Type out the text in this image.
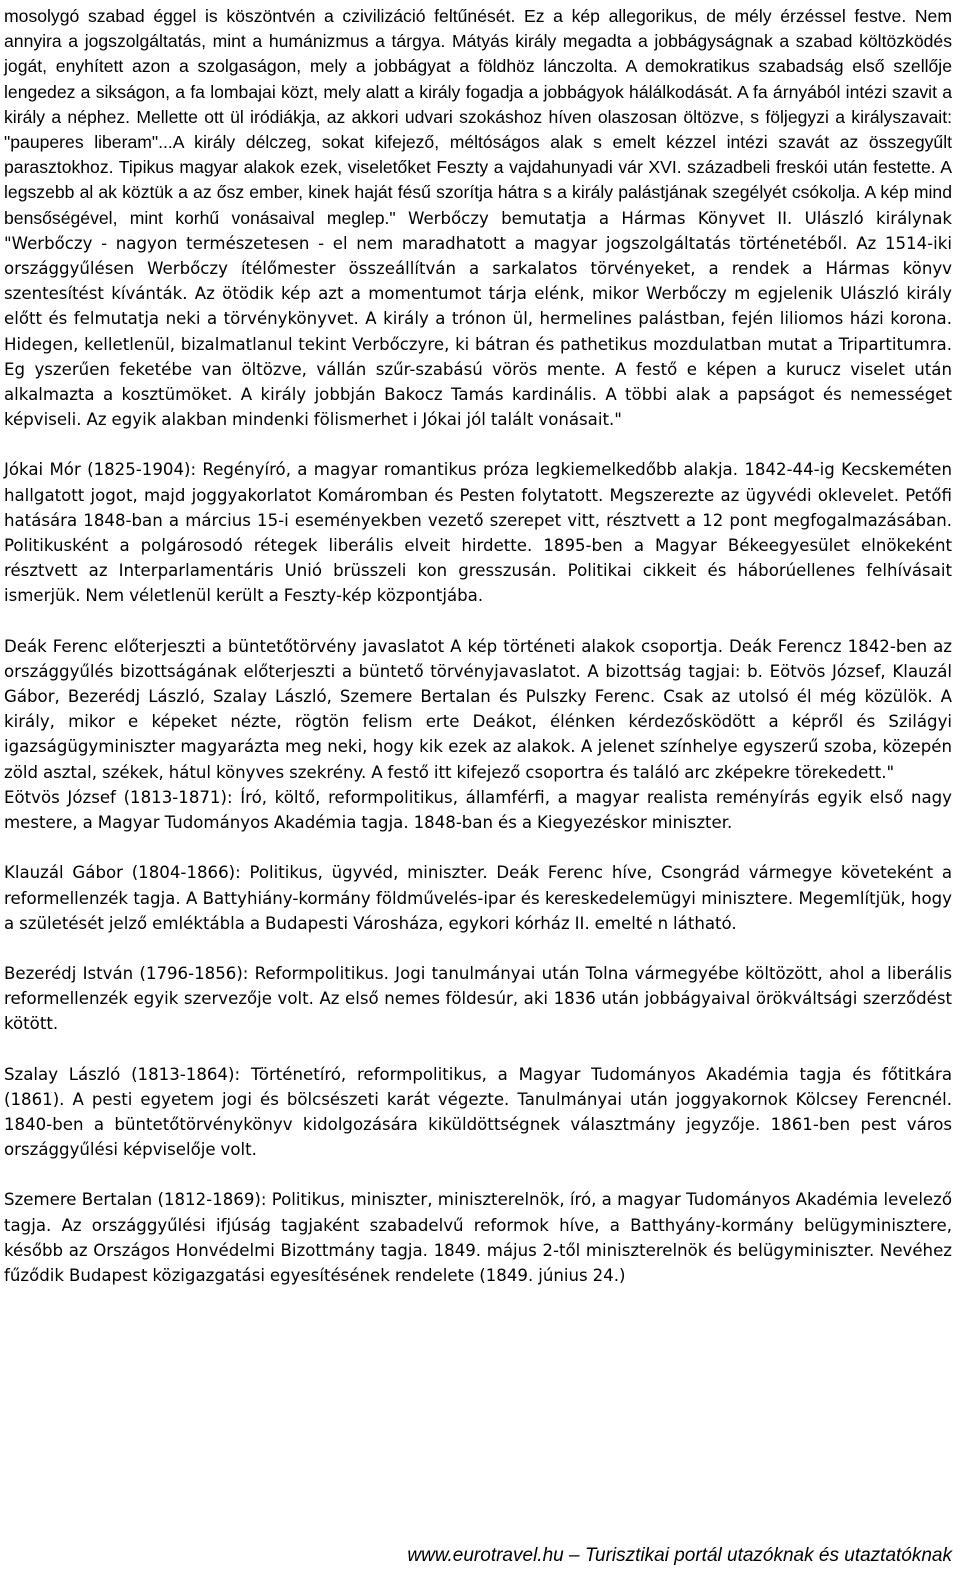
mosolygó szabad éggel is köszöntvén a czivilizáció feltűnését. Ez a kép allegorikus, de mély érzéssel festve. Nem annyira a jogszolgáltatás, mint a humánizmus a tárgya. Mátyás király megadta a jobbágyságnak a szabad költözködés jogát, enyhített azon a szolgaságon, mely a jobbágyat a földhöz lánczolta. A demokratikus szabadság első szellője lengedez a sikságon, a fa lombajai közt, mely alatt a király fogadja a jobbágyok hálálkodását. A fa árnyából intézi szavit a király a néphez. Mellette ott ül iródiákja, az akkori udvari szokáshoz híven olaszosan öltözve, s följegyzi a királyszavait: "pauperes liberam"...A király délczeg, sokat kifejező, méltóságos alak s emelt kézzel intézi szavát az összegyűlt parasztokhoz. Tipikus magyar alakok ezek, viseletőket Feszty a vajdahunyadi vár XVI. századbeli freskói után festette. A legszebb al ak köztük a az ősz ember, kinek haját fésű szorítja hátra s a király palástjának szegélyét csókolja. A kép mind bensőségével, mint korhű vonásaival meglep." Werbőczy bemutatja a Hármas Könyvet II. Ulászló királynak "Werbőczy - nagyon természetesen - el nem maradhatott a magyar jogszolgáltatás történetéből. Az 1514-iki országgyűlésen Werbőczy ítélőmester összeállítván a sarkalatos törvényeket, a rendek a Hármas könyv szentesítést kívánták. Az ötödik kép azt a momentumot tárja elénk, mikor Werbőczy m egjelenik Ulászló király előtt és felmutatja neki a törvénykönyvet. A király a trónon ül, hermelines palástban, fején liliomos házi korona. Hidegen, kelletlenül, bizalmatlanul tekint Verbőczyre, ki bátran és pathetikus mozdulatban mutat a Tripartitumra. Eg yszerűen feketébe van öltözve, vállán szűr-szabású vörös mente. A festő e képen a kurucz viselet után alkalmazta a kosztümöket. A király jobbján Bakocz Tamás kardinális. A többi alak a papságot és nemességet képviseli. Az egyik alakban mindenki fölismerhet i Jókai jól talált vonásait."

Jókai Mór (1825-1904): Regényíró, a magyar romantikus próza legkiemelkedőbb alakja. 1842-44-ig Kecskeméten hallgatott jogot, majd joggyakorlatot Komáromban és Pesten folytatott. Megszerezte az ügyvédi oklevelet. Petőfi hatására 1848-ban a március 15-i eseményekben vezető szerepet vitt, résztvett a 12 pont megfogalmazásában. Politikusként a polgárosodó rétegek liberális elveit hirdette. 1895-ben a Magyar Békeegyesület elnökeként résztvett az Interparlamentáris Unió brüsszeli kon gresszusán. Politikai cikkeit és háborúellenes felhívásait ismerjük. Nem véletlenül került a Feszty-kép központjába.

Deák Ferenc előterjeszti a büntetőtörvény javaslatot A kép történeti alakok csoportja. Deák Ferencz 1842-ben az országgyűlés bizottságának előterjeszti a büntető törvényjavaslatot. A bizottság tagjai: b. Eötvös József, Klauzál Gábor, Bezerédj László, Szalay László, Szemere Bertalan és Pulszky Ferenc. Csak az utolsó él még közülök. A király, mikor e képeket nézte, rögtön felism erte Deákot, élénken kérdezősködött a képről és Szilágyi igazságügyminiszter magyarázta meg neki, hogy kik ezek az alakok. A jelenet színhelye egyszerű szoba, közepén zöld asztal, székek, hátul könyves szekrény. A festő itt kifejező csoportra és találó arc zképekre törekedett."

Eötvös József (1813-1871): Író, költő, reformpolitikus, államférfi, a magyar realista reményírás egyik első nagy mestere, a Magyar Tudományos Akadémia tagja. 1848-ban és a Kiegyezéskor miniszter.

Klauzál Gábor (1804-1866): Politikus, ügyvéd, miniszter. Deák Ferenc híve, Csongrád vármegye követeként a reformellenzék tagja. A Battyhiány-kormány földművelés-ipar és kereskedelemügyi minisztere. Megemlítjük, hogy a születését jelző emléktábla a Budapesti Városháza, egykori kórház II. emelté n látható.

Bezerédj István (1796-1856): Reformpolitikus. Jogi tanulmányai után Tolna vármegyébe költözött, ahol a liberális reformellenzék egyik szervezője volt. Az első nemes földesúr, aki 1836 után jobbágyaival örökváltsági szerződést kötött.

Szalay László (1813-1864): Történetíró, reformpolitikus, a Magyar Tudományos Akadémia tagja és főtitkára (1861). A pesti egyetem jogi és bölcsészeti karát végezte. Tanulmányai után joggyakornok Kölcsey Ferencnél. 1840-ben a büntetőtörvénykönyv kidolgozására kiküldöttségnek választmány jegyzője. 1861-ben pest város országgyűlési képviselője volt.

Szemere Bertalan (1812-1869): Politikus, miniszter, miniszterelnök, író, a magyar Tudományos Akadémia levelező tagja. Az országgyűlési ifjúság tagjaként szabadelvű reformok híve, a Batthyány-kormány belügyminisztere, később az Országos Honvédelmi Bizottmány tagja. 1849. május 2-től miniszterelnök és belügyminiszter. Nevéhez fűződik Budapest közigazgatási egyesítésének rendelete (1849. június 24.)

www.eurotravel.hu – Turisztikai portál utazóknak és utaztatóknak
